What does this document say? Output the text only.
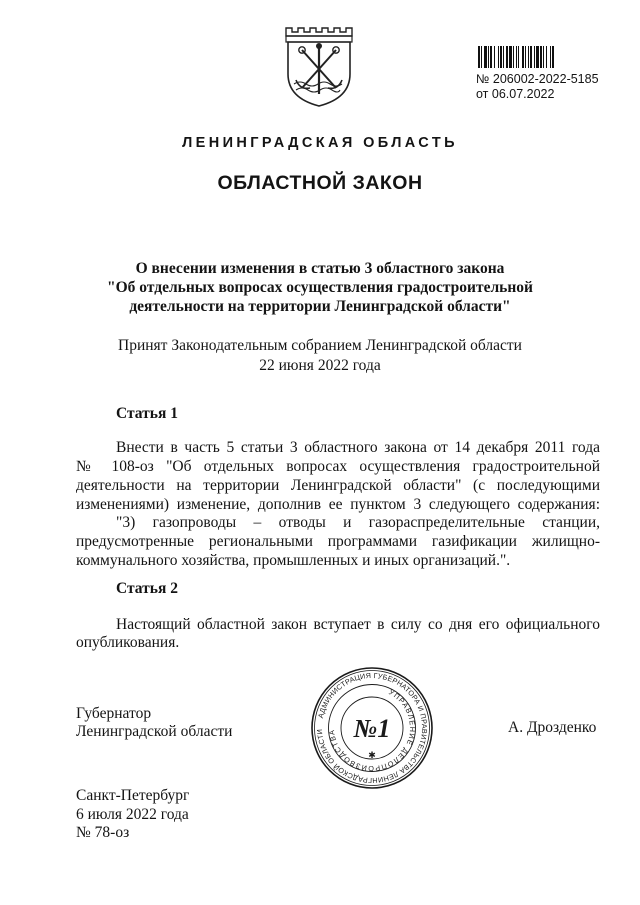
№ 206002-2022-5185
от 06.07.2022
ЛЕНИНГРАДСКАЯ ОБЛАСТЬ
ОБЛАСТНОЙ ЗАКОН
О внесении изменения в статью 3 областного закона
"Об отдельных вопросах осуществления градостроительной
деятельности на территории Ленинградской области"
Принят Законодательным собранием Ленинградской области
22 июня 2022 года
Статья 1
Внести в часть 5 статьи 3 областного закона от 14 декабря 2011 года
№ 108-оз "Об отдельных вопросах осуществления градостроительной
деятельности на территории Ленинградской области" (с последующими
изменениями) изменение, дополнив ее пунктом 3 следующего содержания:
"3) газопроводы – отводы и газораспределительные станции,
предусмотренные региональными программами газификации жилищно-
коммунального хозяйства, промышленных и иных организаций.".
Статья 2
Настоящий областной закон вступает в силу со дня его официального
опубликования.
Губернатор
Ленинградской области	А. Дрозденко
АДМИНИСТРАЦИЯ ГУБЕРНАТОРА И ПРАВИТЕЛЬСТВА ЛЕНИНГРАДСКОЙ ОБЛАСТИ
УПРАВЛЕНИЕ ДЕЛОПРОИЗВОДСТВА №1
✱
Санкт-Петербург
6 июля 2022 года
№ 78-оз
